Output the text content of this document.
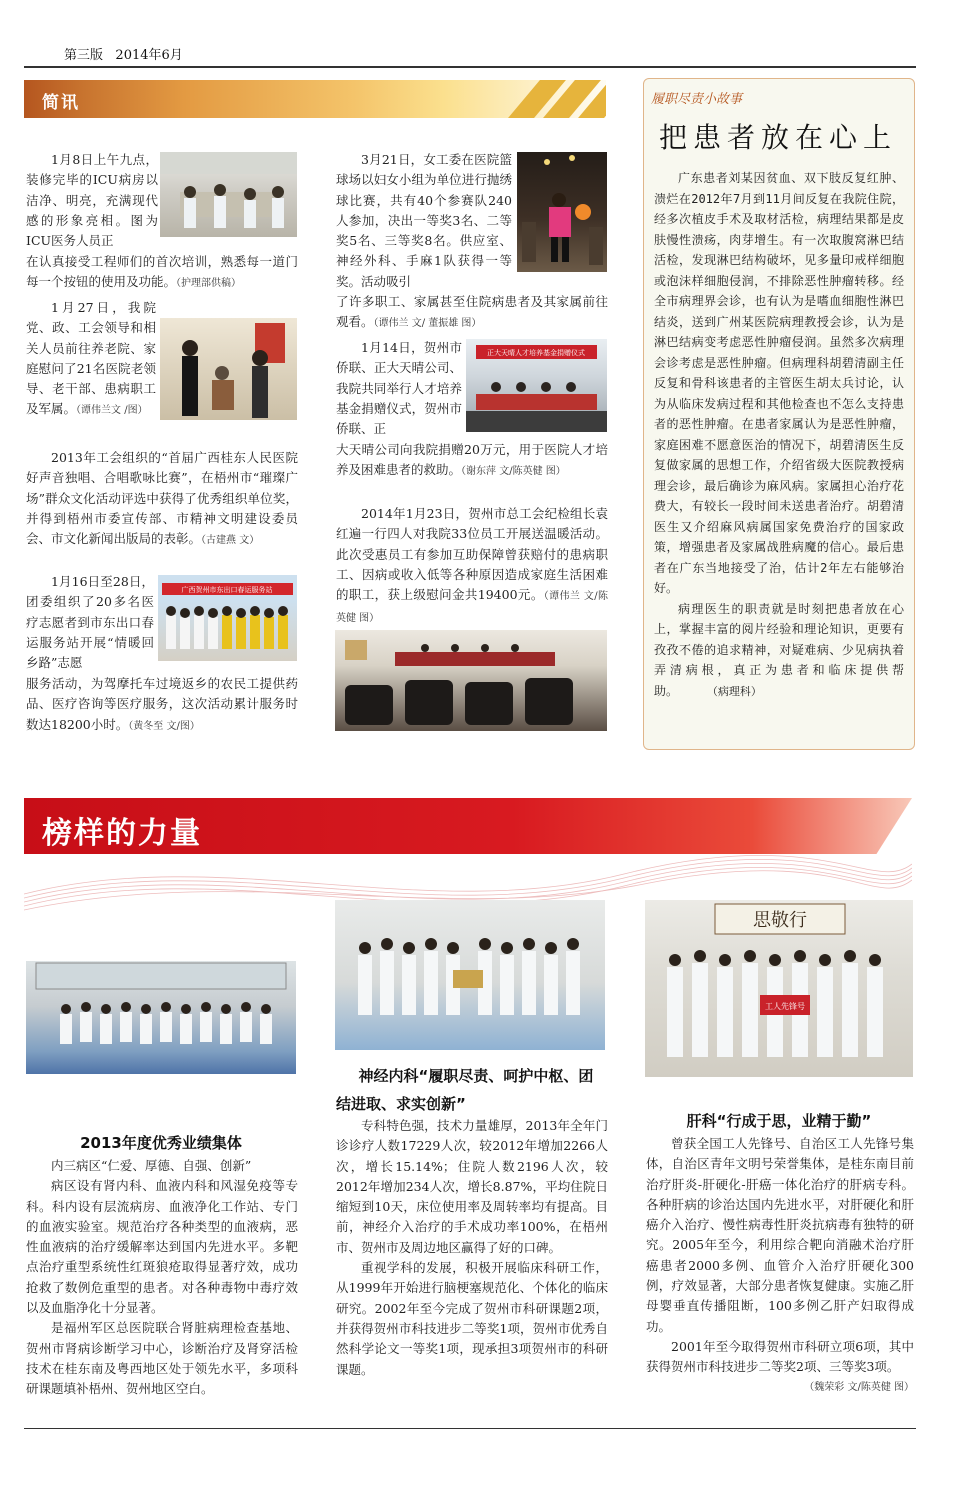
第三版 2014年6月
简讯

1月8日上午九点，装修完毕的ICU病房以洁净、明亮，充满现代感的形象亮相。图为ICU医务人员正
在认真接受工程师们的首次培训，熟悉每一道门每一个按钮的使用及功能。（护理部供稿）
1月27日，我院党、政、工会领导和相关人员前往养老院、家庭慰问了21名医院老领导、老干部、患病职工及军属。（谭伟兰文 /图）
2013年工会组织的“首届广西桂东人民医院好声音独唱、合唱歌咏比赛”，在梧州市“璀璨广场”群众文化活动评选中获得了优秀组织单位奖，并得到梧州市委宣传部、市精神文明建设委员会、市文化新闻出版局的表彰。（古建燕 文）
广西贺州市东出口春运服务站
1月16日至28日，团委组织了20多名医疗志愿者到市东出口春运服务站开展“情暖回乡路”志愿
服务活动，为驾摩托车过境返乡的农民工提供药品、医疗咨询等医疗服务，这次活动累计服务时数达18200小时。（黄冬至 文/图）
3月21日，女工委在医院篮球场以妇女小组为单位进行抛绣球比赛，共有40个参赛队240人参加，决出一等奖3名、二等奖5名、三等奖8名。供应室、神经外科、手麻1队获得一等奖。活动吸引
了许多职工、家属甚至住院病患者及其家属前往观看。（谭伟兰 文/ 董振雄 图）
正大天晴人才培养基金捐赠仪式
1月14日，贺州市侨联、正大天晴公司、我院共同举行人才培养基金捐赠仪式，贺州市侨联、正
大天晴公司向我院捐赠20万元，用于医院人才培养及困难患者的救助。（谢东萍 文/陈英健 图）
2014年1月23日，贺州市总工会纪检组长袁红遍一行四人对我院33位员工开展送温暖活动。此次受惠员工有参加互助保障曾获赔付的患病职工、因病或收入低等各种原因造成家庭生活困难的职工，获上级慰问金共19400元。（谭伟兰 文/陈英健 图）
履职尽责小故事
把患者放在心上
广东患者刘某因贫血、双下肢反复红肿、溃烂在2012年7月到11月间反复在我院住院，经多次植皮手术及取材活检，病理结果都是皮肤慢性溃疡，肉芽增生。有一次取腹窝淋巴结活检，发现淋巴结构破坏，见多量印戒样细胞或泡沫样细胞侵润，不排除恶性肿瘤转移。经全市病理界会诊，也有认为是嗜血细胞性淋巴结炎，送到广州某医院病理教授会诊，认为是淋巴结病变考虑恶性肿瘤侵润。虽然多次病理会诊考虑是恶性肿瘤。但病理科胡碧清副主任反复和骨科该患者的主管医生胡太兵讨论，认为从临床发病过程和其他检查也不怎么支持患者的恶性肿瘤。在患者家属认为是恶性肿瘤，家庭困难不愿意医治的情况下，胡碧清医生反复做家属的思想工作，介绍省级大医院教授病理会诊，最后确诊为麻风病。家属担心治疗花费大，有较长一段时间未送患者治疗。胡碧清医生又介绍麻风病属国家免费治疗的国家政策，增强患者及家属战胜病魔的信心。最后患者在广东当地接受了治，估计2年左右能够治好。
病理医生的职责就是时刻把患者放在心上，掌握丰富的阅片经验和理论知识，更要有孜孜不倦的追求精神，对疑难病、少见病执着弄清病根，真正为患者和临床提供帮助。	（病理科）
榜样的力量
思敬行
工人先锋号
2013年度优秀业绩集体
内三病区“仁爱、厚德、自强、创新”
病区设有肾内科、血液内科和风湿免疫等专科。科内设有层流病房、血液净化工作站、专门的血液实验室。规范治疗各种类型的血液病，恶性血液病的治疗缓解率达到国内先进水平。多靶点治疗重型系统性红斑狼疮取得显著疗效，成功抢救了数例危重型的患者。对各种毒物中毒疗效以及血脂净化十分显著。
是福州军区总医院联合肾脏病理检查基地、贺州市肾病诊断学习中心，诊断治疗及肾穿活检技术在桂东南及粤西地区处于领先水平，多项科研课题填补梧州、贺州地区空白。
神经内科“履职尽责、呵护中枢、团结进取、求实创新”
专科特色强，技术力量雄厚，2013年全年门诊诊疗人数17229人次，较2012年增加2266人次，增长15.14%；住院人数2196人次，较2012年增加234人次，增长8.87%，平均住院日缩短到10天，床位使用率及周转率均有提高。目前，神经介入治疗的手术成功率100%，在梧州市、贺州市及周边地区赢得了好的口碑。
重视学科的发展，积极开展临床科研工作，从1999年开始进行脑梗塞规范化、个体化的临床研究。2002年至今完成了贺州市科研课题2项，并获得贺州市科技进步二等奖1项，贺州市优秀自然科学论文一等奖1项，现承担3项贺州市的科研课题。
肝科“行成于思，业精于勤”
曾获全国工人先锋号、自治区工人先锋号集体，自治区青年文明号荣誉集体，是桂东南目前治疗肝炎-肝硬化-肝癌一体化治疗的肝病专科。各种肝病的诊治达国内先进水平，对肝硬化和肝癌介入治疗、慢性病毒性肝炎抗病毒有独特的研究。2005年至今，利用综合靶向消融术治疗肝癌患者2000多例、血管介入治疗肝硬化300例，疗效显著，大部分患者恢复健康。实施乙肝母婴垂直传播阻断，100多例乙肝产妇取得成功。
2001年至今取得贺州市科研立项6项，其中获得贺州市科技进步二等奖2项、三等奖3项。
（魏荣彩 文/陈英健 图）
